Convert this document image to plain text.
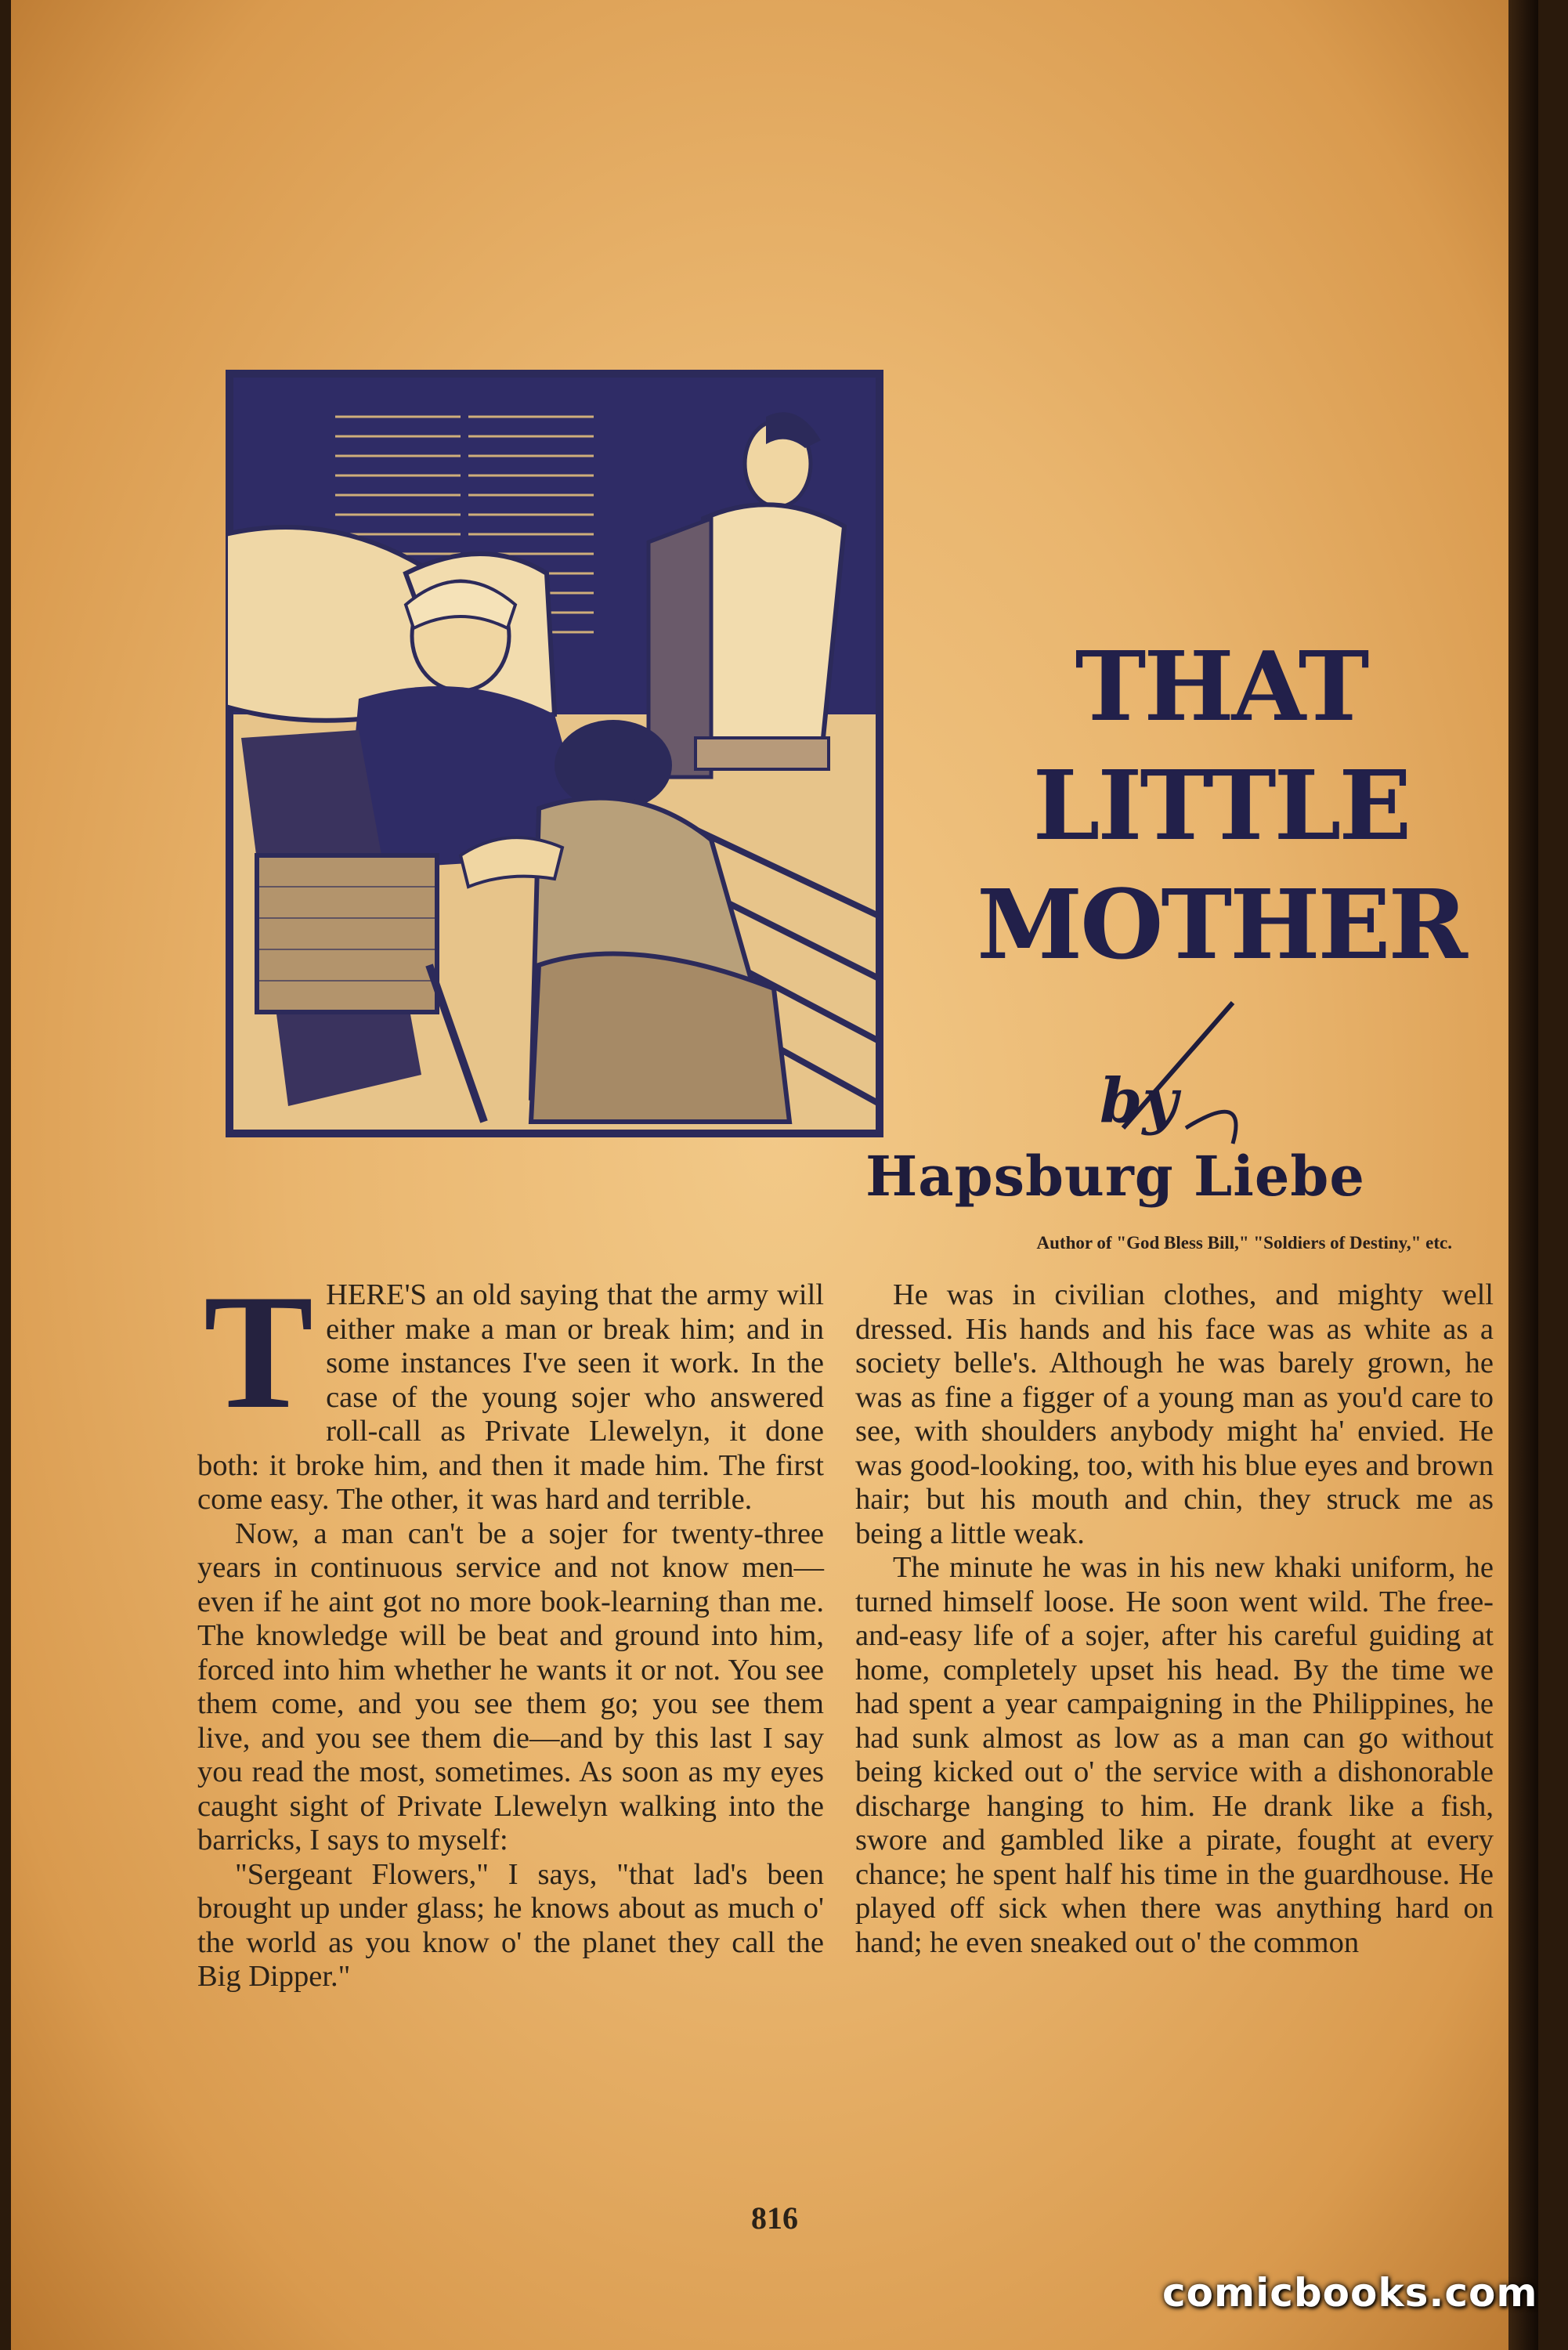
THAT
LITTLE
MOTHER
by
Hapsburg Liebe
Author of "God Bless Bill," "Soldiers of Destiny," etc.
T HERE'S an old saying that the army will either make a man or break him; and in some instances I've seen it work. In the case of the young sojer who answered roll-call as Private Llewelyn, it done both: it broke him, and then it made him. The first come easy. The other, it was hard and terrible.

Now, a man can't be a sojer for twenty-three years in continuous service and not know men—even if he aint got no more book-learning than me. The knowledge will be beat and ground into him, forced into him whether he wants it or not. You see them come, and you see them go; you see them live, and you see them die—and by this last I say you read the most, sometimes. As soon as my eyes caught sight of Private Llewelyn walking into the barricks, I says to myself:

"Sergeant Flowers," I says, "that lad's been brought up under glass; he knows about as much o' the world as you know o' the planet they call the Big Dipper."

He was in civilian clothes, and mighty well dressed. His hands and his face was as white as a society belle's. Although he was barely grown, he was as fine a figger of a young man as you'd care to see, with shoulders anybody might ha' envied. He was good-looking, too, with his blue eyes and brown hair; but his mouth and chin, they struck me as being a little weak.

The minute he was in his new khaki uniform, he turned himself loose. He soon went wild. The free-and-easy life of a sojer, after his careful guiding at home, completely upset his head. By the time we had spent a year campaigning in the Philippines, he had sunk almost as low as a man can go without being kicked out o' the service with a dishonorable discharge hanging to him. He drank like a fish, swore and gambled like a pirate, fought at every chance; he spent half his time in the guardhouse. He played off sick when there was anything hard on hand; he even sneaked out o' the common

816
comicbooks.com
